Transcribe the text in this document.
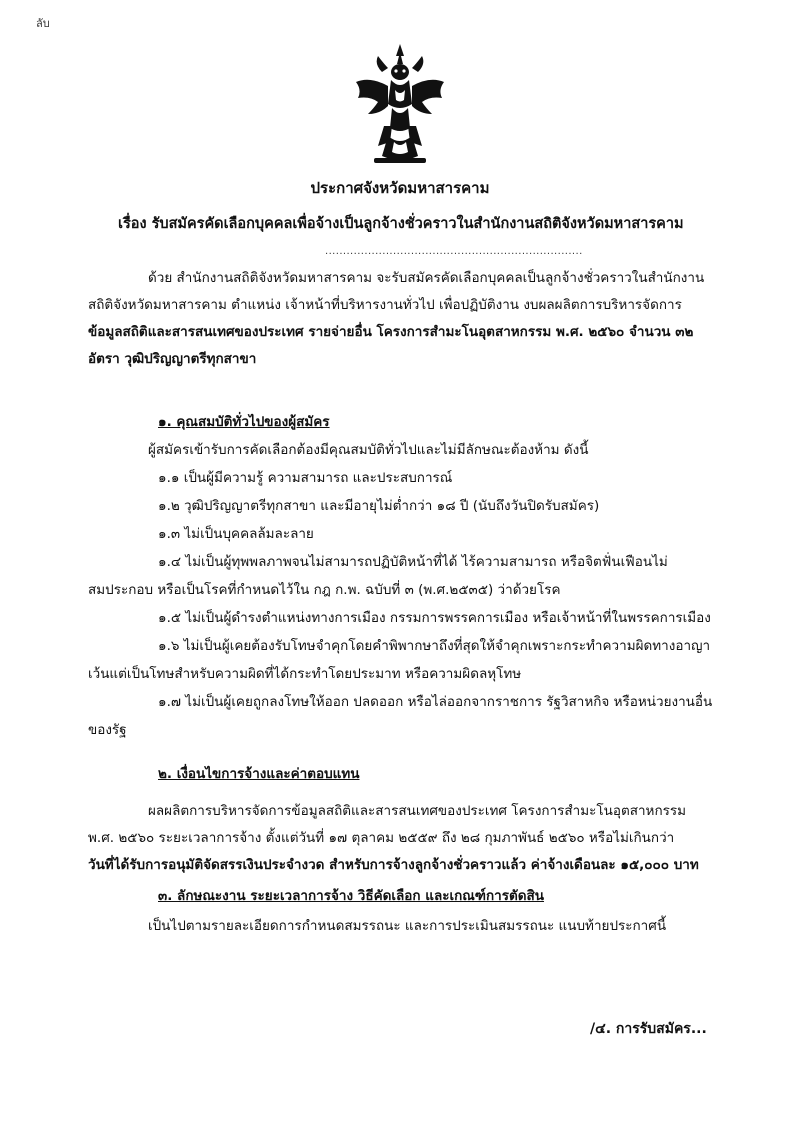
ลับ
ประกาศจังหวัดมหาสารคาม
เรื่อง รับสมัครคัดเลือกบุคคลเพื่อจ้างเป็นลูกจ้างชั่วคราวในสำนักงานสถิติจังหวัดมหาสารคาม
........................................................................
ด้วย สำนักงานสถิติจังหวัดมหาสารคาม จะรับสมัครคัดเลือกบุคคลเป็นลูกจ้างชั่วคราวในสำนักงาน
สถิติจังหวัดมหาสารคาม ตำแหน่ง เจ้าหน้าที่บริหารงานทั่วไป เพื่อปฏิบัติงาน งบผลผลิตการบริหารจัดการ
ข้อมูลสถิติและสารสนเทศของประเทศ รายจ่ายอื่น โครงการสำมะโนอุตสาหกรรม พ.ศ. ๒๕๖๐ จำนวน ๓๒
อัตรา วุฒิปริญญาตรีทุกสาขา
๑. คุณสมบัติทั่วไปของผู้สมัคร
ผู้สมัครเข้ารับการคัดเลือกต้องมีคุณสมบัติทั่วไปและไม่มีลักษณะต้องห้าม ดังนี้
๑.๑ เป็นผู้มีความรู้ ความสามารถ และประสบการณ์
๑.๒ วุฒิปริญญาตรีทุกสาขา และมีอายุไม่ต่ำกว่า ๑๘ ปี (นับถึงวันปิดรับสมัคร)
๑.๓ ไม่เป็นบุคคลล้มละลาย
๑.๔ ไม่เป็นผู้ทุพพลภาพจนไม่สามารถปฏิบัติหน้าที่ได้ ไร้ความสามารถ หรือจิตฟั่นเฟือนไม่
สมประกอบ หรือเป็นโรคที่กำหนดไว้ใน กฎ ก.พ. ฉบับที่ ๓ (พ.ศ.๒๕๓๕) ว่าด้วยโรค
๑.๕ ไม่เป็นผู้ดำรงตำแหน่งทางการเมือง กรรมการพรรคการเมือง หรือเจ้าหน้าที่ในพรรคการเมือง
๑.๖ ไม่เป็นผู้เคยต้องรับโทษจำคุกโดยคำพิพากษาถึงที่สุดให้จำคุกเพราะกระทำความผิดทางอาญา
เว้นแต่เป็นโทษสำหรับความผิดที่ได้กระทำโดยประมาท หรือความผิดลหุโทษ
๑.๗ ไม่เป็นผู้เคยถูกลงโทษให้ออก ปลดออก หรือไล่ออกจากราชการ รัฐวิสาหกิจ หรือหน่วยงานอื่น
ของรัฐ
๒. เงื่อนไขการจ้างและค่าตอบแทน
ผลผลิตการบริหารจัดการข้อมูลสถิติและสารสนเทศของประเทศ โครงการสำมะโนอุตสาหกรรม
พ.ศ. ๒๕๖๐ ระยะเวลาการจ้าง ตั้งแต่วันที่ ๑๗ ตุลาคม ๒๕๕๙ ถึง ๒๘ กุมภาพันธ์ ๒๕๖๐ หรือไม่เกินกว่า
วันที่ได้รับการอนุมัติจัดสรรเงินประจำงวด สำหรับการจ้างลูกจ้างชั่วคราวแล้ว ค่าจ้างเดือนละ ๑๕,๐๐๐ บาท
๓. ลักษณะงาน ระยะเวลาการจ้าง วิธีคัดเลือก และเกณฑ์การตัดสิน
เป็นไปตามรายละเอียดการกำหนดสมรรถนะ และการประเมินสมรรถนะ แนบท้ายประกาศนี้
/๔. การรับสมัคร...
